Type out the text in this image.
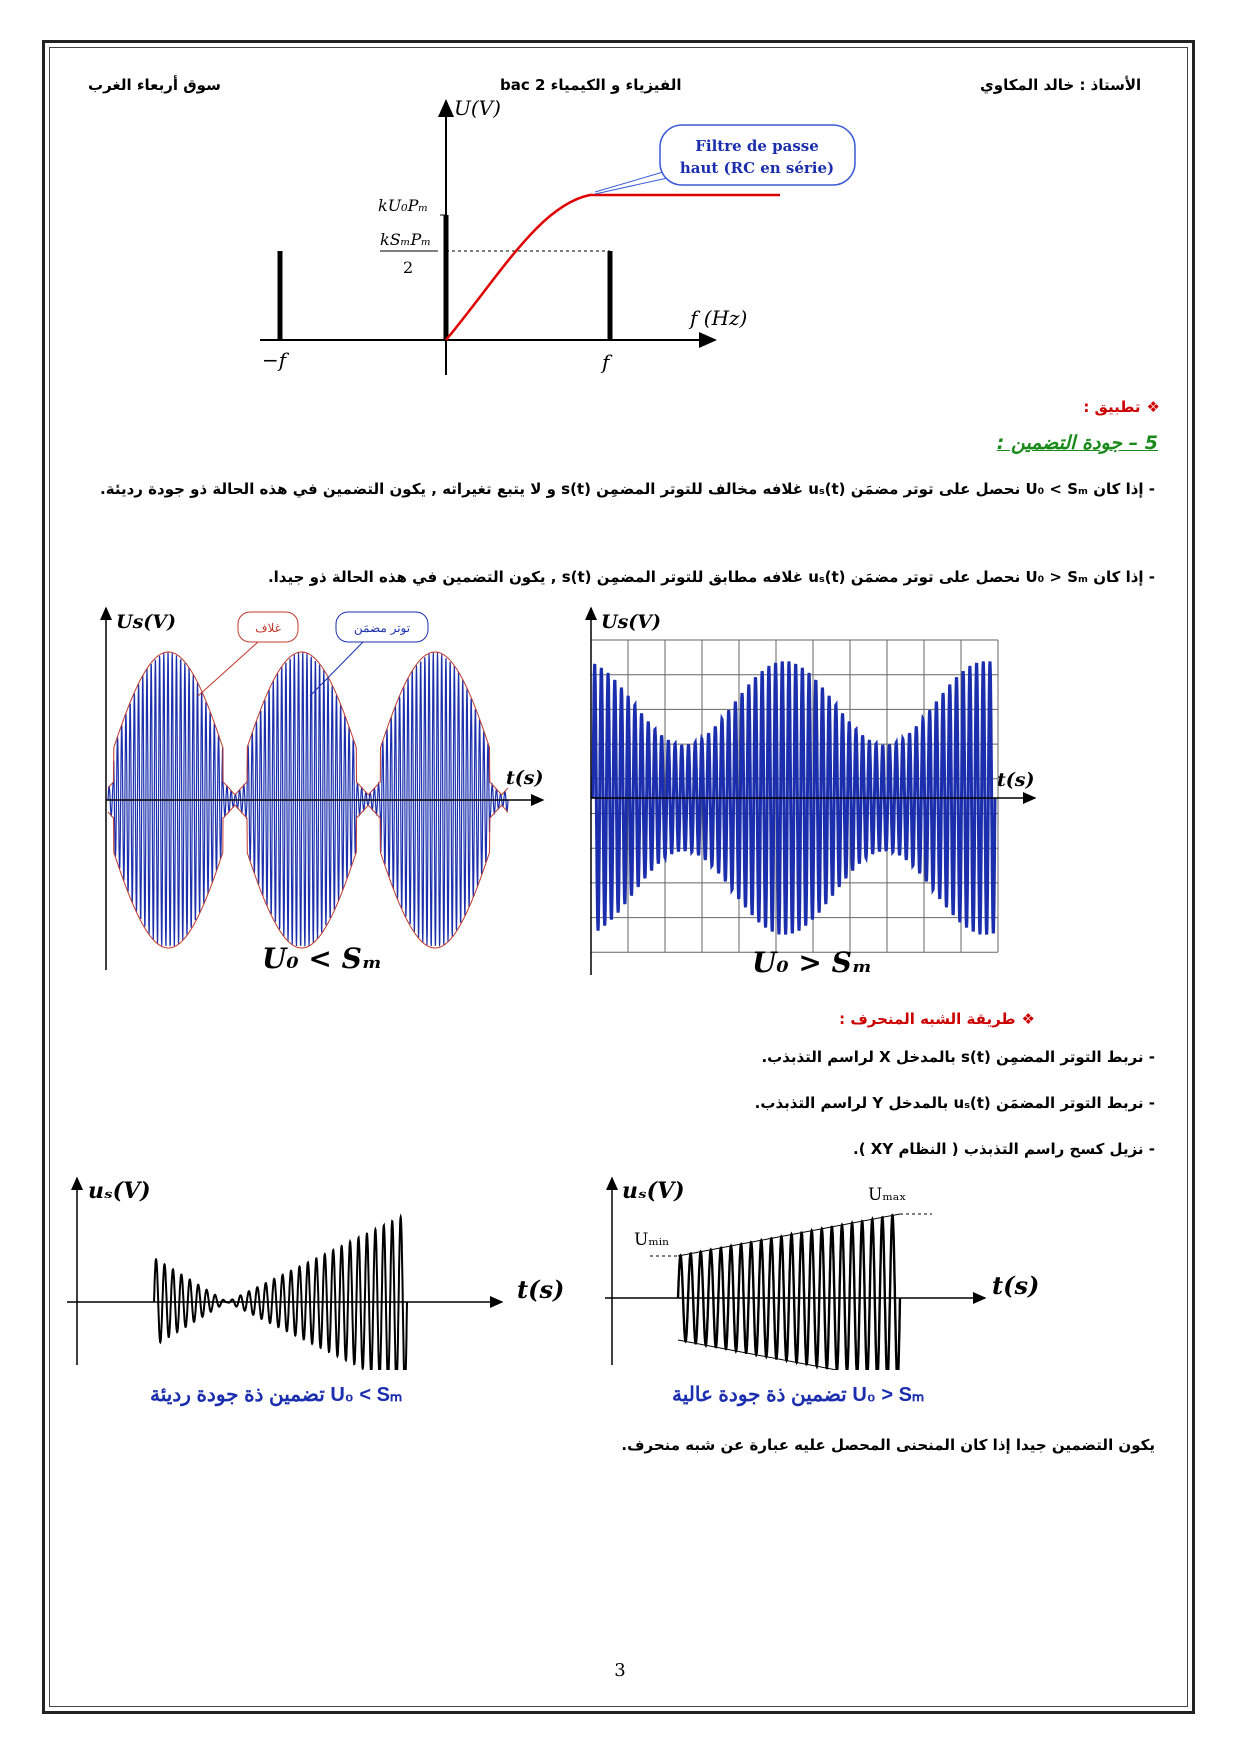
سوق أربعاء الغرب	الفيزياء و الكيمياء 2 bac	الأستاذ : خالد المكاوي
Filtre de passe
haut (RC en série)
U(V)
f (Hz)
kU₀Pₘ
kSₘPₘ
2
−f	f
❖تطبيق :
5 – جودة التضمين :
- إذا كان U₀ < Sₘ نحصل على توتر مضمَن uₛ(t) غلافه مخالف للتوتر المضمِن s(t) و لا يتبع تغيراته , يكون التضمين في هذه الحالة ذو جودة رديئة.
- إذا كان U₀ > Sₘ نحصل على توتر مضمَن uₛ(t) غلافه مطابق للتوتر المضمِن s(t) , يكون التضمين في هذه الحالة ذو جيدا.
Us(V)
t(s)
غلاف	توتر مضمَن
U₀ < Sₘ
Us(V)
t(s)
U₀ > Sₘ
❖طريقة الشبه المنحرف :
- نربط التوتر المضمِن s(t) بالمدخل X لراسم التذبذب.
- نربط التوتر المضمَن uₛ(t) بالمدخل Y لراسم التذبذب.
- نزيل كسح راسم التذبذب ( النظام XY ).
uₛ(V)
t(s)
U₀ < Sₘ تضمين ذة جودة رديئة
uₛ(V)
t(s)
Uₘₐₓ
Uₘᵢₙ
U₀ > Sₘ تضمين ذة جودة عالية
يكون التضمين جيدا إذا كان المنحنى المحصل عليه عبارة عن شبه منحرف.
3
